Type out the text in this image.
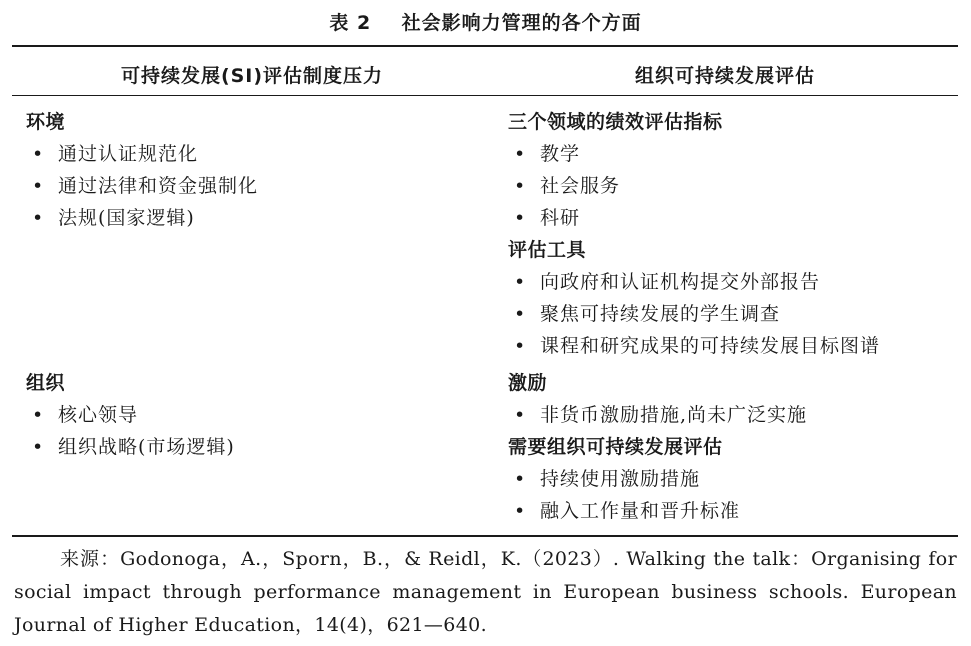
表 2 社会影响力管理的各个方面
可持续发展(SI)评估制度压力	组织可持续发展评估
环境
• 通过认证规范化
• 通过法律和资金强制化
• 法规(国家逻辑)
组织
• 核心领导
• 组织战略(市场逻辑)
三个领域的绩效评估指标
• 教学
• 社会服务
• 科研
评估工具
• 向政府和认证机构提交外部报告
• 聚焦可持续发展的学生调查
• 课程和研究成果的可持续发展目标图谱
激励
• 非货币激励措施,尚未广泛实施
需要组织可持续发展评估
• 持续使用激励措施
• 融入工作量和晋升标准
来源：Godonoga，A.，Sporn，B.，& Reidl，K.（2023）. Walking the talk：Organising for social impact through performance management in European business schools. European Journal of Higher Education，14(4)，621—640.
